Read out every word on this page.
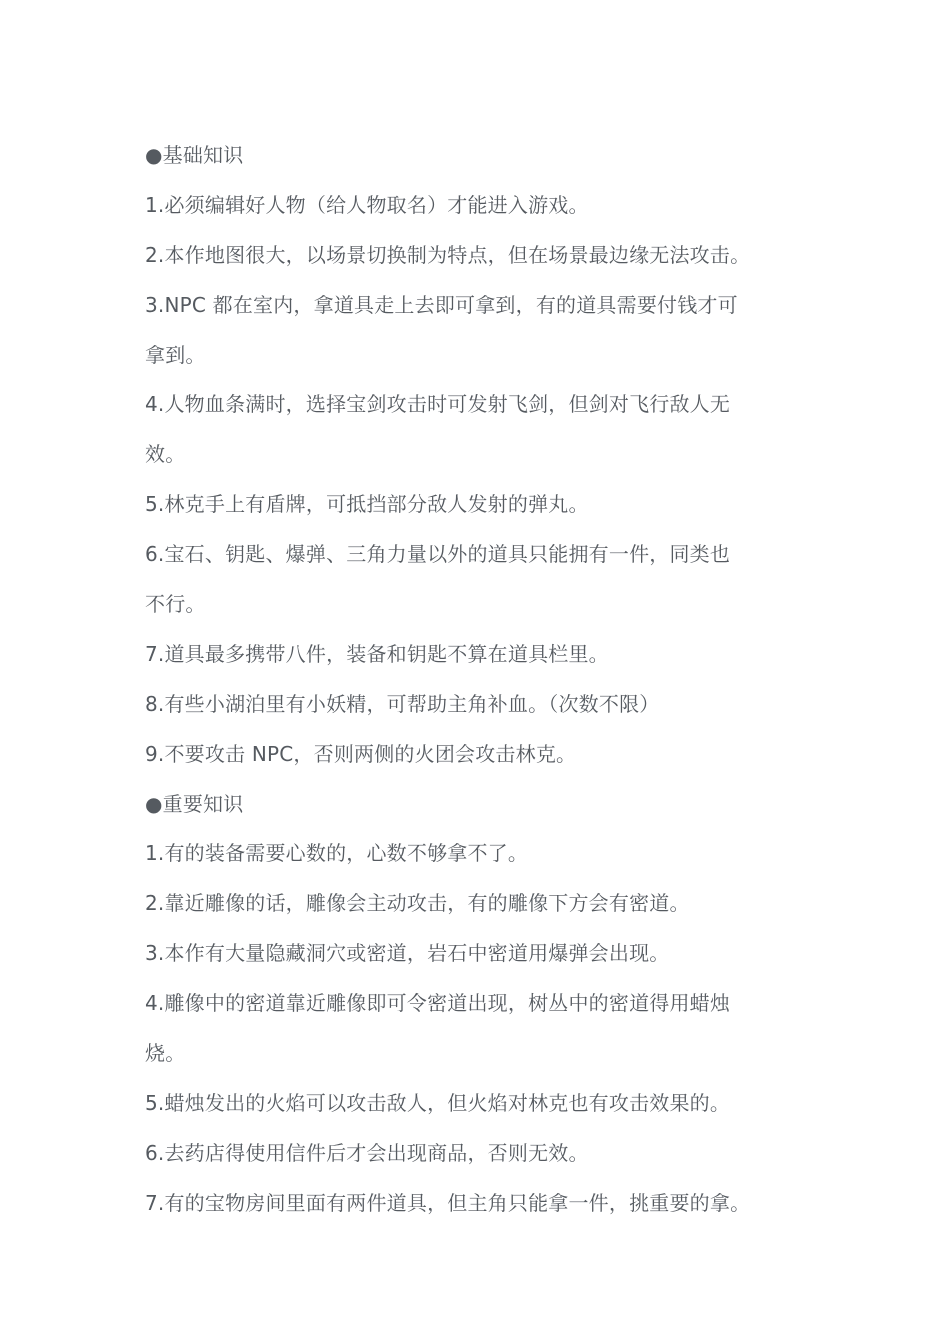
●基础知识
1.必须编辑好人物（给人物取名）才能进入游戏。
2.本作地图很大，以场景切换制为特点，但在场景最边缘无法攻击。
3.NPC 都在室内，拿道具走上去即可拿到，有的道具需要付钱才可
拿到。
4.人物血条满时，选择宝剑攻击时可发射飞剑，但剑对飞行敌人无
效。
5.林克手上有盾牌，可抵挡部分敌人发射的弹丸。
6.宝石、钥匙、爆弹、三角力量以外的道具只能拥有一件，同类也
不行。
7.道具最多携带八件，装备和钥匙不算在道具栏里。
8.有些小湖泊里有小妖精，可帮助主角补血。（次数不限）
9.不要攻击 NPC，否则两侧的火团会攻击林克。
●重要知识
1.有的装备需要心数的，心数不够拿不了。
2.靠近雕像的话，雕像会主动攻击，有的雕像下方会有密道。
3.本作有大量隐藏洞穴或密道，岩石中密道用爆弹会出现。
4.雕像中的密道靠近雕像即可令密道出现，树丛中的密道得用蜡烛
烧。
5.蜡烛发出的火焰可以攻击敌人，但火焰对林克也有攻击效果的。
6.去药店得使用信件后才会出现商品，否则无效。
7.有的宝物房间里面有两件道具，但主角只能拿一件，挑重要的拿。
